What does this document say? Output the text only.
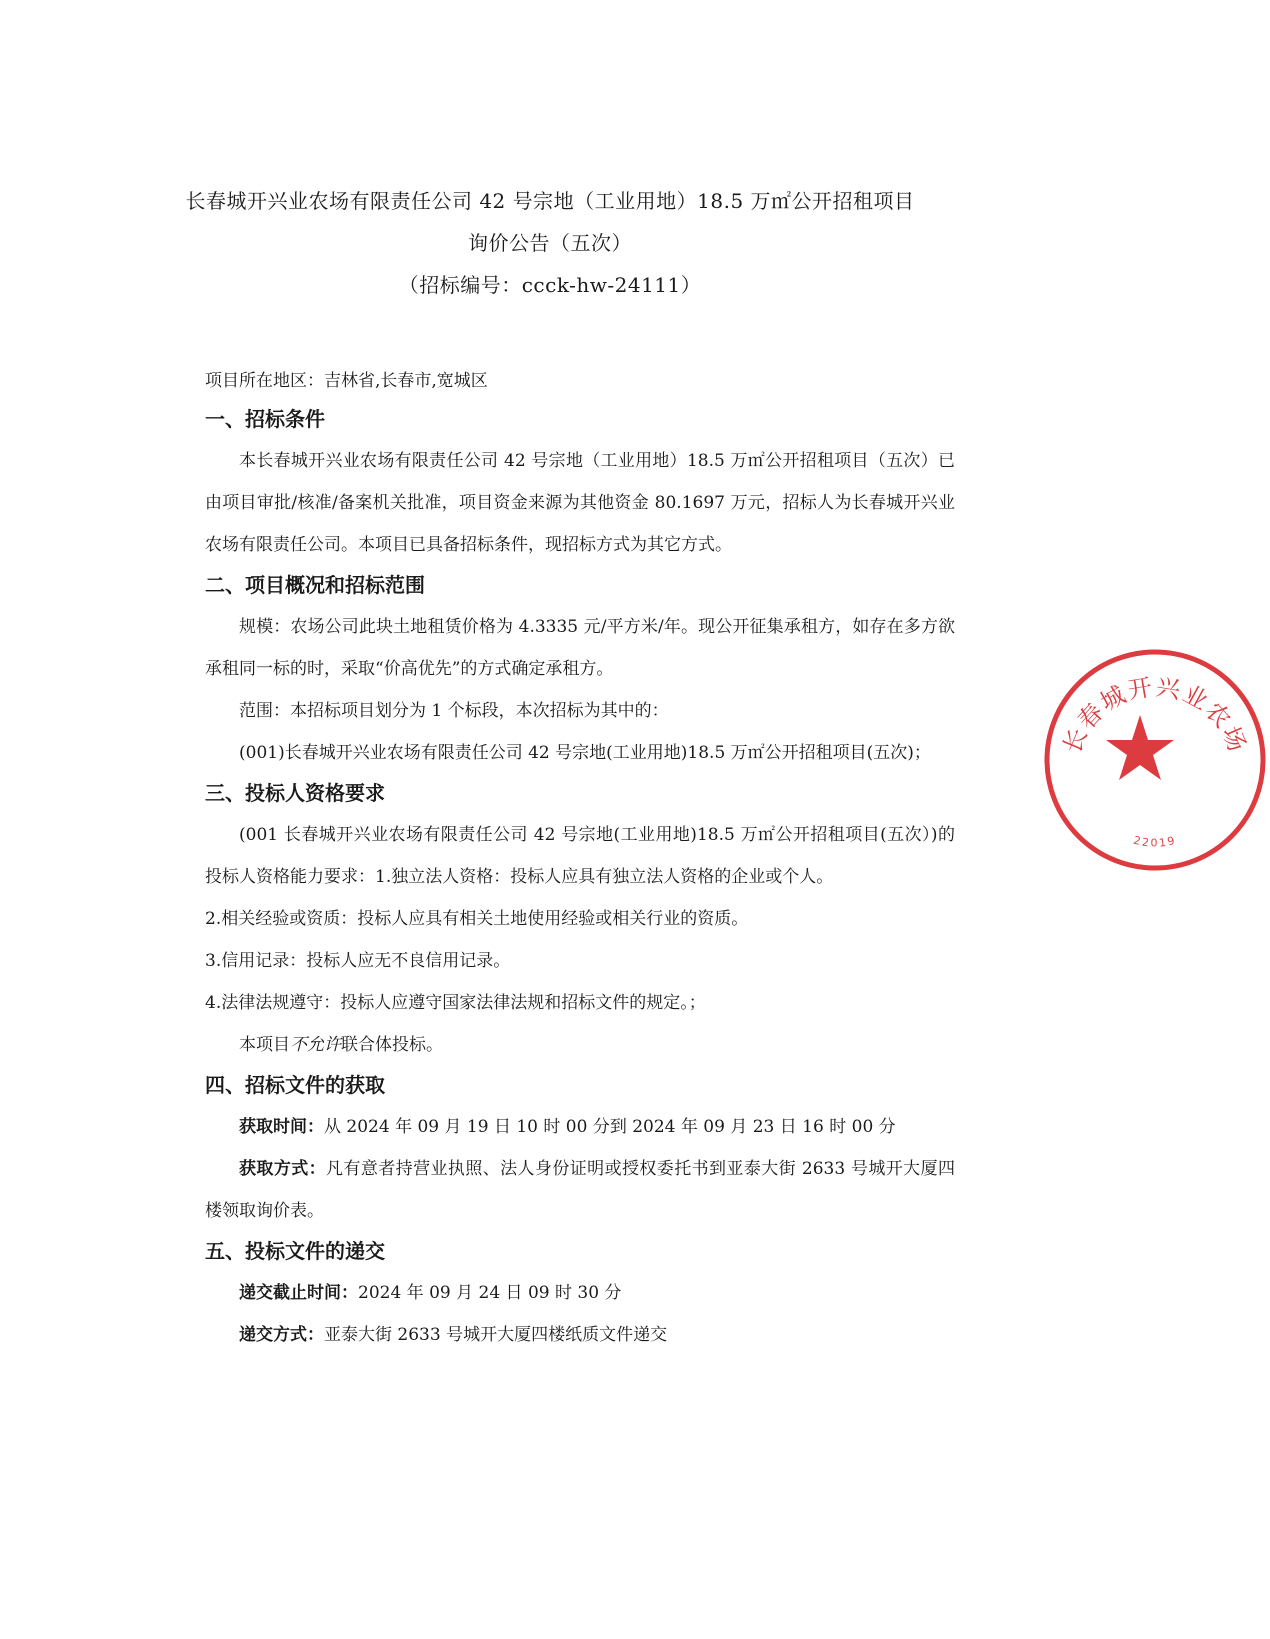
长春城开兴业农场有限责任公司 42 号宗地（工业用地）18.5 万㎡公开招租项目
询价公告（五次）
（招标编号：ccck-hw-24111）
项目所在地区：吉林省,长春市,宽城区
一、招标条件

本长春城开兴业农场有限责任公司 42 号宗地（工业用地）18.5 万㎡公开招租项目（五次）已由项目审批/核准/备案机关批准，项目资金来源为其他资金 80.1697 万元，招标人为长春城开兴业农场有限责任公司。本项目已具备招标条件，现招标方式为其它方式。

二、项目概况和招标范围

规模：农场公司此块土地租赁价格为 4.3335 元/平方米/年。现公开征集承租方，如存在多方欲承租同一标的时，采取“价高优先”的方式确定承租方。

范围：本招标项目划分为 1 个标段，本次招标为其中的：

(001)长春城开兴业农场有限责任公司 42 号宗地(工业用地)18.5 万㎡公开招租项目(五次)；

三、投标人资格要求

(001 长春城开兴业农场有限责任公司 42 号宗地(工业用地)18.5 万㎡公开招租项目(五次）)的投标人资格能力要求：1.独立法人资格：投标人应具有独立法人资格的企业或个人。

2.相关经验或资质：投标人应具有相关土地使用经验或相关行业的资质。

3.信用记录：投标人应无不良信用记录。

4.法律法规遵守：投标人应遵守国家法律法规和招标文件的规定。；

本项目不允许联合体投标。

四、招标文件的获取

获取时间：从 2024 年 09 月 19 日 10 时 00 分到 2024 年 09 月 23 日 16 时 00 分

获取方式：凡有意者持营业执照、法人身份证明或授权委托书到亚泰大街 2633 号城开大厦四楼领取询价表。

五、投标文件的递交

递交截止时间：2024 年 09 月 24 日 09 时 30 分

递交方式：亚泰大街 2633 号城开大厦四楼纸质文件递交

长春城开兴业农场
22019
